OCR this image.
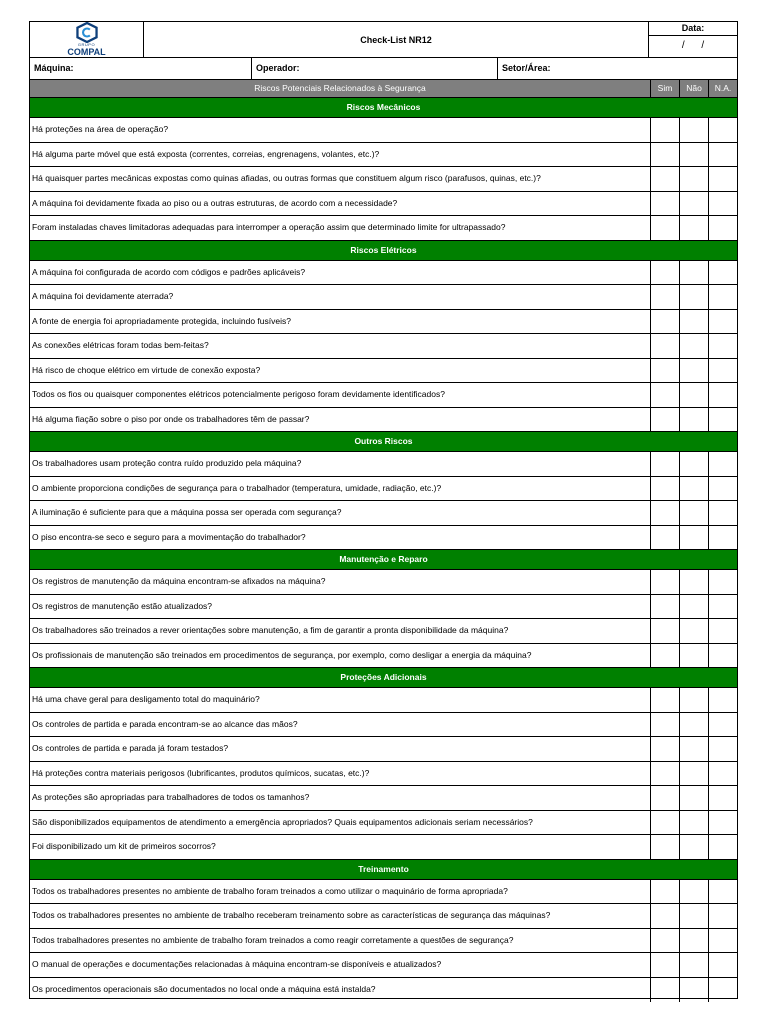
GRUPO
COMPAL
Check-List NR12
Data:
/      /
Máquina:	Operador:	Setor/Área:
Riscos Potenciais Relacionados à Segurança	Sim	Não	N.A.
Riscos Mecânicos
Há proteções na área de operação?
Há alguma parte móvel que está exposta (correntes, correias, engrenagens, volantes, etc.)?
Há quaisquer partes mecânicas expostas como quinas afiadas, ou outras formas que constituem algum risco (parafusos, quinas, etc.)?
A máquina foi devidamente fixada ao piso ou a outras estruturas, de acordo com a necessidade?
Foram instaladas chaves limitadoras adequadas para interromper a operação assim que determinado limite for ultrapassado?
Riscos Elétricos
A máquina foi configurada de acordo com códigos e padrões aplicáveis?
A máquina foi devidamente aterrada?
A fonte de energia foi apropriadamente protegida, incluindo fusíveis?
As conexões elétricas foram todas bem-feitas?
Há risco de choque elétrico em virtude de conexão exposta?
Todos os fios ou quaisquer componentes elétricos potencialmente perigoso foram devidamente identificados?
Há alguma fiação sobre o piso por onde os trabalhadores têm de passar?
Outros Riscos
Os trabalhadores usam proteção contra ruído produzido pela máquina?
O ambiente proporciona condições de segurança para o trabalhador (temperatura, umidade, radiação, etc.)?
A iluminação é suficiente para que a máquina possa ser operada com segurança?
O piso encontra-se seco e seguro para a movimentação do trabalhador?
Manutenção e Reparo
Os registros de manutenção da máquina encontram-se afixados na máquina?
Os registros de manutenção estão atualizados?
Os trabalhadores são treinados a rever orientações sobre manutenção, a fim de garantir a pronta disponibilidade da máquina?
Os profissionais de manutenção são treinados em procedimentos de segurança, por exemplo, como desligar a energia da máquina?
Proteções Adicionais
Há uma chave geral para desligamento total do maquinário?
Os controles de partida e parada encontram-se ao alcance das mãos?
Os controles de partida e parada já foram testados?
Há proteções contra materiais perigosos (lubrificantes, produtos químicos, sucatas, etc.)?
As proteções são apropriadas para trabalhadores de todos os tamanhos?
São disponibilizados equipamentos de atendimento a emergência apropriados? Quais equipamentos adicionais seriam necessários?
Foi disponibilizado um kit de primeiros socorros?
Treinamento
Todos os trabalhadores presentes no ambiente de trabalho foram treinados a como utilizar o maquinário de forma apropriada?
Todos os trabalhadores presentes no ambiente de trabalho receberam treinamento sobre as características de segurança das máquinas?
Todos trabalhadores presentes no ambiente de trabalho foram treinados a como reagir corretamente a questões de segurança?
O manual de operações e documentações relacionadas à máquina encontram-se disponíveis e atualizados?
Os procedimentos operacionais são documentados no local onde a máquina está instalda?
